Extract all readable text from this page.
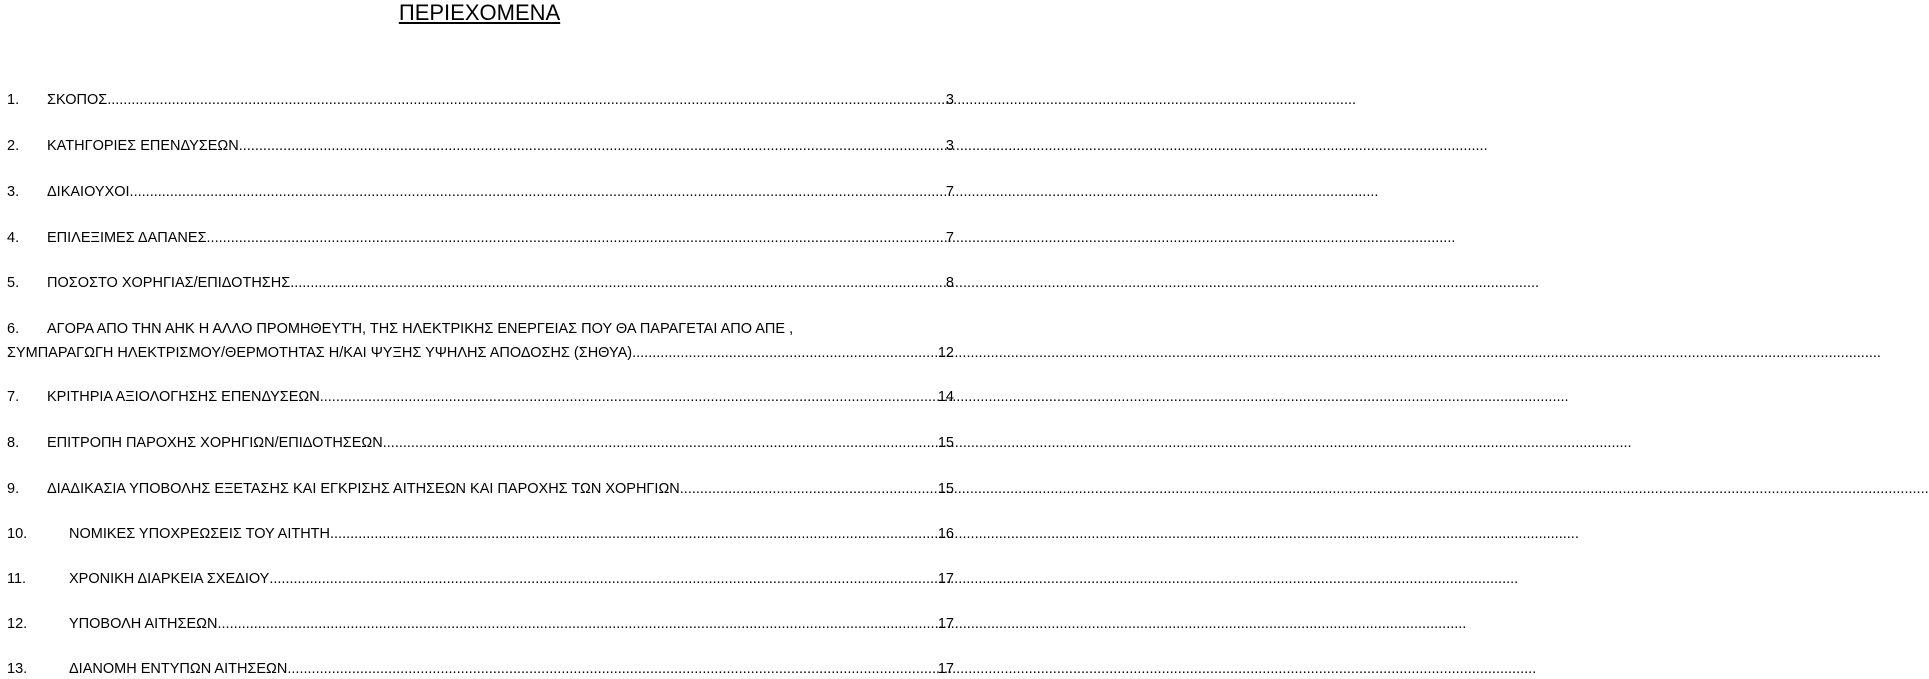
ΠΕΡΙΕΧΟΜΕΝΑ
1.	ΣΚΟΠΟΣ .....	3
2.	ΚΑΤΗΓΟΡΙΕΣ ΕΠΕΝΔΥΣΕΩΝ .....	3
3.	ΔΙΚΑΙΟΥΧΟΙ .....	7
4.	ΕΠΙΛΕΞΙΜΕΣ ΔΑΠΑΝΕΣ .....	7
5.	ΠΟΣΟΣΤΟ ΧΟΡΗΓΙΑΣ/ΕΠΙΔΟΤΗΣΗΣ .....	8
6.	ΑΓΟΡΑ ΑΠΟ ΤΗΝ ΑΗΚ Η ΑΛΛΟ ΠΡΟΜΗΘΕΥΤΉ, ΤΗΣ ΗΛΕΚΤΡΙΚΗΣ ΕΝΕΡΓΕΙΑΣ ΠΟΥ ΘΑ ΠΑΡΑΓΕΤΑΙ ΑΠΟ ΑΠΕ ,
ΣΥΜΠΑΡΑΓΩΓΗ ΗΛΕΚΤΡΙΣΜΟΥ/ΘΕΡΜΟΤΗΤΑΣ Η/ΚΑΙ ΨΥΞΗΣ ΥΨΗΛΗΣ ΑΠΟΔΟΣΗΣ (ΣΗΘΥΑ) .....	12
7.	ΚΡΙΤΗΡΙΑ ΑΞΙΟΛΟΓΗΣΗΣ ΕΠΕΝΔΥΣΕΩΝ .....	14
8.	ΕΠΙΤΡΟΠΗ ΠΑΡΟΧΗΣ ΧΟΡΗΓΙΩΝ/ΕΠΙΔΟΤΗΣΕΩΝ .....	15
9.	ΔΙΑΔΙΚΑΣΙΑ ΥΠΟΒΟΛΗΣ ΕΞΕΤΑΣΗΣ ΚΑΙ ΕΓΚΡΙΣΗΣ ΑΙΤΗΣΕΩΝ ΚΑΙ ΠΑΡΟΧΗΣ ΤΩΝ ΧΟΡΗΓΙΩΝ .....	15
10.	ΝΟΜΙΚΕΣ ΥΠΟΧΡΕΩΣΕΙΣ ΤΟΥ ΑΙΤΗΤΗ .....	16
11.	ΧΡΟΝΙΚΗ ΔΙΑΡΚΕΙΑ ΣΧΕΔΙΟΥ .....	17
12.	ΥΠΟΒΟΛΗ ΑΙΤΗΣΕΩΝ .....	17
13.	ΔΙΑΝΟΜΗ ΕΝΤΥΠΩΝ ΑΙΤΗΣΕΩΝ .....	17
